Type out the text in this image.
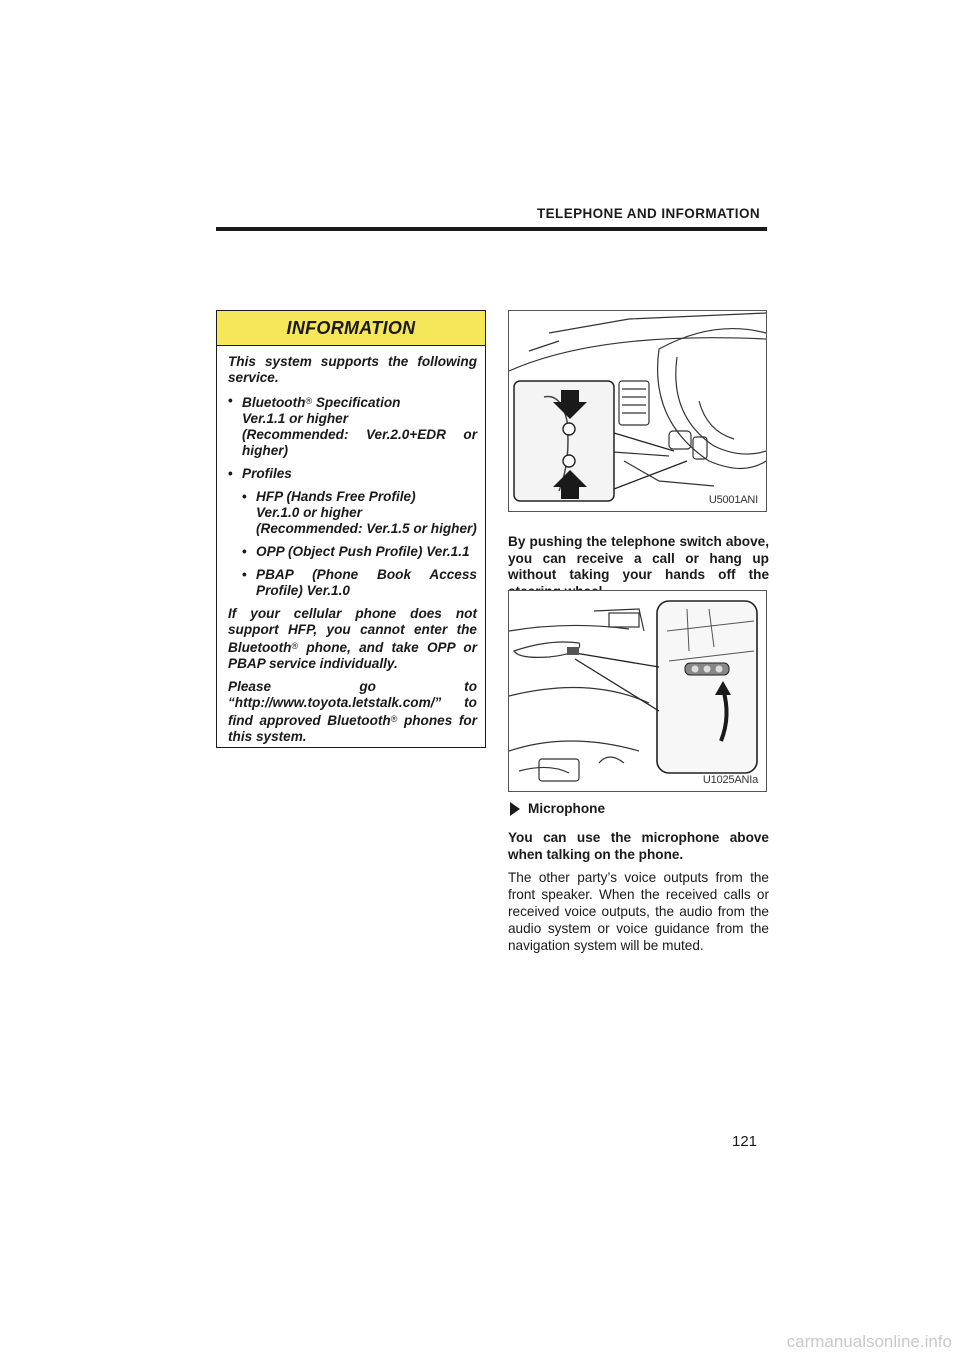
TELEPHONE AND INFORMATION
INFORMATION

This system supports the following service.

• Bluetooth® Specification
Ver.1.1 or higher

(Recommended: Ver.2.0+EDR or higher)
• Profiles
• HFP (Hands Free Profile)
Ver.1.0 or higher
(Recommended: Ver.1.5 or higher)
• OPP (Object Push Profile) Ver.1.1
• PBAP (Phone Book Access Profile) Ver.1.0

If your cellular phone does not support HFP, you cannot enter the Bluetooth® phone, and take OPP or PBAP service individually.

Please go to “http://www.toyota.letstalk.com/” to find approved Bluetooth® phones for this system.

U5001ANI

By pushing the telephone switch above, you can receive a call or hang up without taking your hands off the

U1025ANIa
Microphone

You can use the microphone above when talking on the phone.

The other party’s voice outputs from the front speaker. When the received calls or received voice outputs, the audio from the audio system or voice guidance from the navigation system will be muted.

121
carmanualsonline.info
